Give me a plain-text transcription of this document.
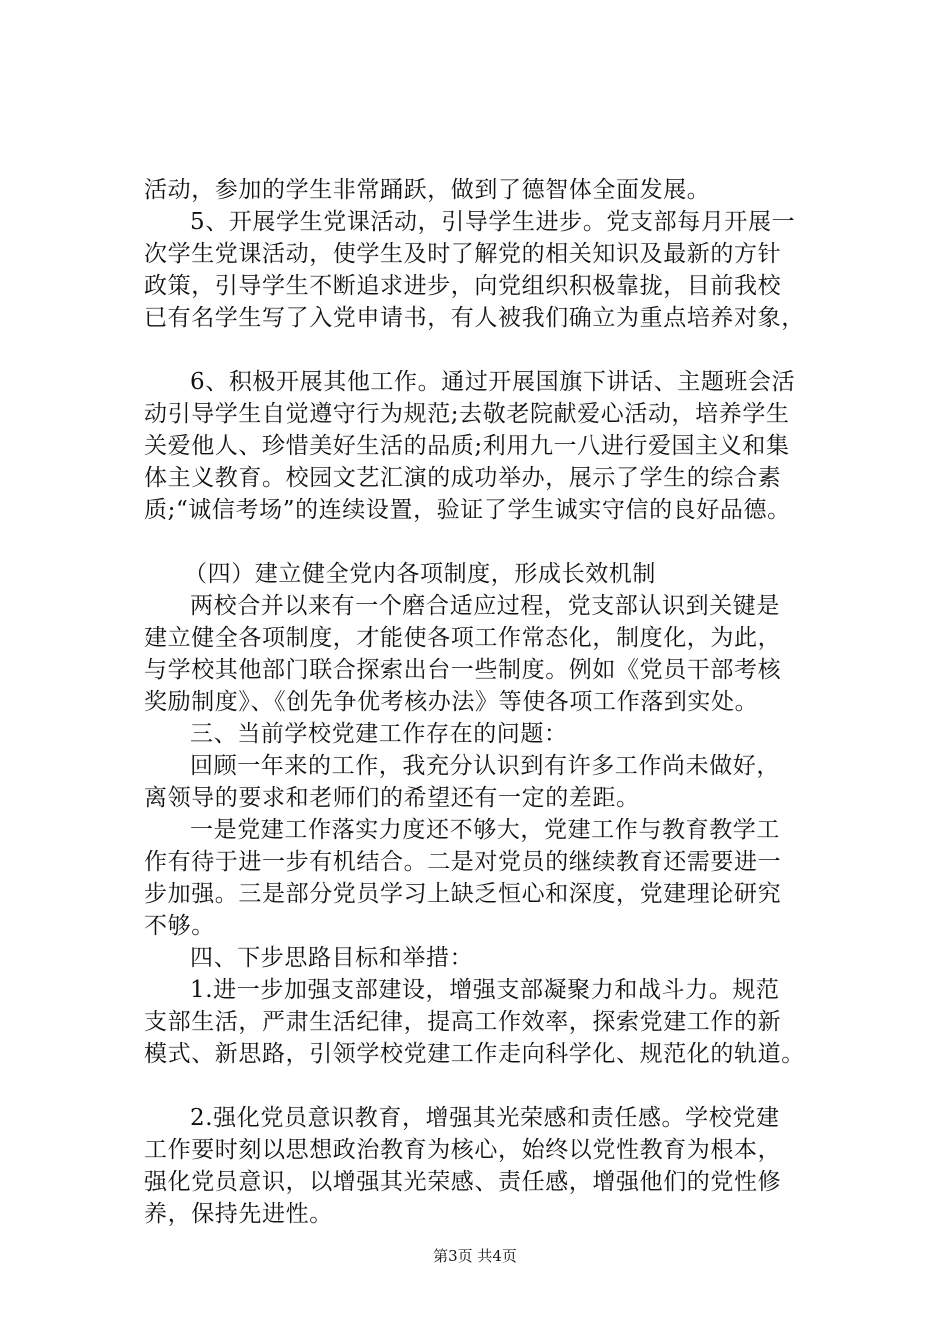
活动，参加的学生非常踊跃，做到了德智体全面发展。
5、开展学生党课活动，引导学生进步。党支部每月开展一
次学生党课活动，使学生及时了解党的相关知识及最新的方针
政策，引导学生不断追求进步，向党组织积极靠拢，目前我校
已有名学生写了入党申请书，有人被我们确立为重点培养对象，
6、积极开展其他工作。通过开展国旗下讲话、主题班会活
动引导学生自觉遵守行为规范;去敬老院献爱心活动，培养学生
关爱他人、珍惜美好生活的品质;利用九一八进行爱国主义和集
体主义教育。校园文艺汇演的成功举办，展示了学生的综合素
质;“诚信考场”的连续设置，验证了学生诚实守信的良好品德。
（四）建立健全党内各项制度，形成长效机制
两校合并以来有一个磨合适应过程，党支部认识到关键是
建立健全各项制度，才能使各项工作常态化，制度化，为此，
与学校其他部门联合探索出台一些制度。例如《党员干部考核
奖励制度》、《创先争优考核办法》等使各项工作落到实处。
三、当前学校党建工作存在的问题：
回顾一年来的工作，我充分认识到有许多工作尚未做好，
离领导的要求和老师们的希望还有一定的差距。
一是党建工作落实力度还不够大，党建工作与教育教学工
作有待于进一步有机结合。二是对党员的继续教育还需要进一
步加强。三是部分党员学习上缺乏恒心和深度，党建理论研究
不够。
四、下步思路目标和举措：
1.进一步加强支部建设，增强支部凝聚力和战斗力。规范
支部生活，严肃生活纪律，提高工作效率，探索党建工作的新
模式、新思路，引领学校党建工作走向科学化、规范化的轨道。
2.强化党员意识教育，增强其光荣感和责任感。学校党建
工作要时刻以思想政治教育为核心，始终以党性教育为根本，
强化党员意识，以增强其光荣感、责任感，增强他们的党性修
养，保持先进性。
第3页 共4页
